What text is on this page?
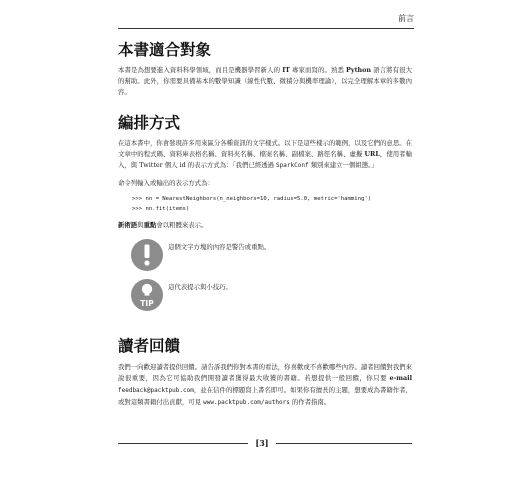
前言
本書適合對象

本書是為想要進入資料科學領域，而且是機器學習新人的 IT 專家而寫的。熟悉 Python 語言將有很大的幫助。此外，你需要具備基本的數學知識（線性代數、微積分與機率理論），以完全理解本章的多數內容。

編排方式

在這本書中，你會發現許多用來區分各種資訊的文字樣式。以下是這些樣示的範例，以及它們的意思。在文章中的程式碼、資料庫表格名稱、資料夾名稱、檔案名稱、副檔案、路徑名稱、虛擬 URL，使用者輸入，與 Twitter 個人 id 的表示方式為：「我們已經透過 SparkConf 類別來建立一個組態。」

命令列輸入或輸出的表示方式為：

>>> nn = NearestNeighbors(n_neighbors=10, radius=5.0, metric='hamming')
>>> nn.fit(items)

新術語與重點會以粗體來表示。

這個文字方塊的內容是警告或重點。
TIP
這代表提示與小技巧。
讀者回饋

我們一向歡迎讀者提供回饋。請告訴我們你對本書的看法，你喜歡或不喜歡哪些內容。讀者回饋對我們來說很重要，因為它可協助我們開發讀者獲得最大收獲的書籍。若想提供一般回饋，你只要 e-mail feedback@packtpub.com，並在信件的標題寫上書名即可。如果你有擅長的主題，想要成為書籍作者，或對這類書籍付出貢獻，可見 www.packtpub.com/authors 的作者指南。

[3]
